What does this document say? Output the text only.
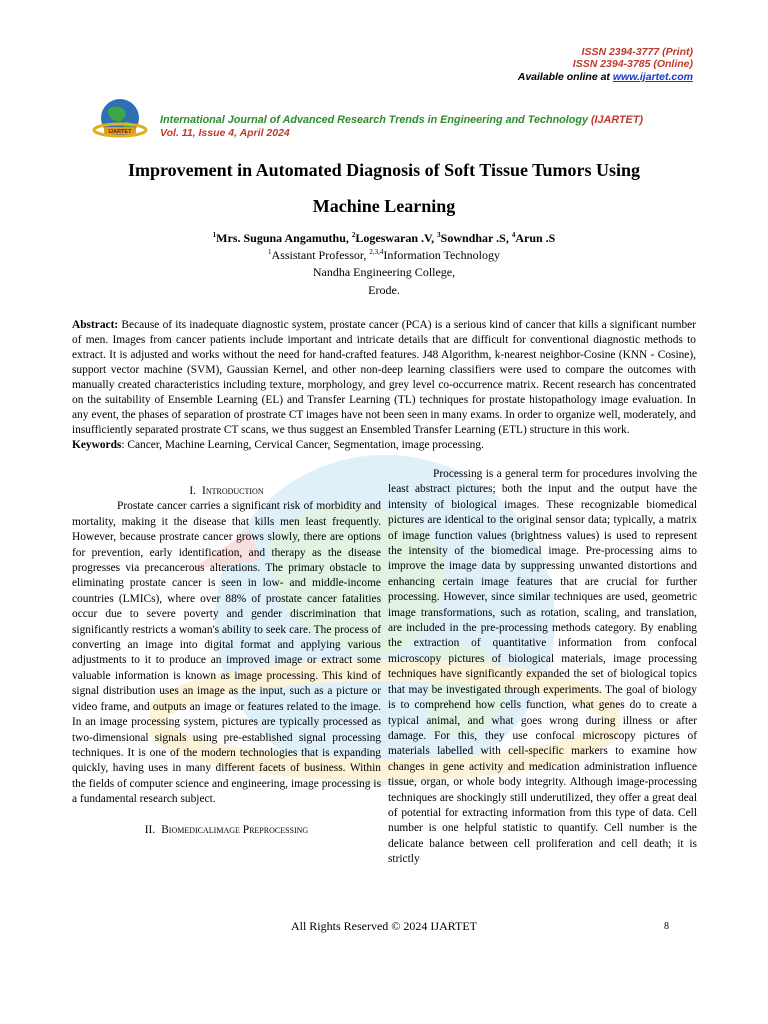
ISSN 2394-3777 (Print)
ISSN 2394-3785 (Online)
Available online at www.ijartet.com
IJARTET
International Journal of Advanced Research Trends in Engineering and Technology (IJARTET)
Vol. 11, Issue 4, April 2024
Improvement in Automated Diagnosis of Soft Tissue Tumors Using
Machine Learning
$^1$Mrs. Suguna Angamuthu, $^2$Logeswaran .V, $^3$Sowndhar .S, $^4$Arun .S
$^1$Assistant Professor, $^{2,3,4}$Information Technology
Nandha Engineering College,
Erode.

Abstract: Because of its inadequate diagnostic system, prostate cancer (PCA) is a serious kind of cancer that kills a significant number of men. Images from cancer patients include important and intricate details that are difficult for conventional diagnostic methods to extract. It is adjusted and works without the need for hand-crafted features. J48 Algorithm, k-nearest neighbor-Cosine (KNN - Cosine), support vector machine (SVM), Gaussian Kernel, and other non-deep learning classifiers were used to compare the outcomes with manually created characteristics including texture, morphology, and grey level co-occurrence matrix. Recent research has concentrated on the suitability of Ensemble Learning (EL) and Transfer Learning (TL) techniques for prostate histopathology image evaluation. In any event, the phases of separation of prostrate CT images have not been seen in many exams. In order to organize well, moderately, and insufficiently separated prostrate CT scans, we thus suggest an Ensembled Transfer Learning (ETL) structure in this work.

Keywords: Cancer, Machine Learning, Cervical Cancer, Segmentation, image processing.

I. Introduction

Prostate cancer carries a significant risk of morbidity and mortality, making it the disease that kills men least frequently. However, because prostrate cancer grows slowly, there are options for prevention, early identification, and therapy as the disease progresses via precancerous alterations. The primary obstacle to eliminating prostate cancer is seen in low- and middle-income countries (LMICs), where over 88% of prostate cancer fatalities occur due to severe poverty and gender discrimination that significantly restricts a woman's ability to seek care. The process of converting an image into digital format and applying various adjustments to it to produce an improved image or extract some valuable information is known as image processing. This kind of signal distribution uses an image as the input, such as a picture or video frame, and outputs an image or features related to the image. In an image processing system, pictures are typically processed as two-dimensional signals using pre-established signal processing techniques. It is one of the modern technologies that is expanding quickly, having uses in many different facets of business. Within the fields of computer science and engineering, image processing is a fundamental research subject.

II. Biomedicalimage Preprocessing

Processing is a general term for procedures involving the least abstract pictures; both the input and the output have the intensity of biological images. These recognizable biomedical pictures are identical to the original sensor data; typically, a matrix of image function values (brightness values) is used to represent the intensity of the biomedical image. Pre-processing aims to improve the image data by suppressing unwanted distortions and enhancing certain image features that are crucial for further processing. However, since similar techniques are used, geometric image transformations, such as rotation, scaling, and translation, are included in the pre-processing methods category. By enabling the extraction of quantitative information from confocal microscopy pictures of biological materials, image processing techniques have significantly expanded the set of biological topics that may be investigated through experiments. The goal of biology is to comprehend how cells function, what genes do to create a typical animal, and what goes wrong during illness or after damage. For this, they use confocal microscopy pictures of materials labelled with cell-specific markers to examine how changes in gene activity and medication administration influence tissue, organ, or whole body integrity. Although image-processing techniques are shockingly still underutilized, they offer a great deal of potential for extracting information from this type of data. Cell number is one helpful statistic to quantify. Cell number is the delicate balance between cell proliferation and cell death; it is strictly

All Rights Reserved © 2024 IJARTET	8
